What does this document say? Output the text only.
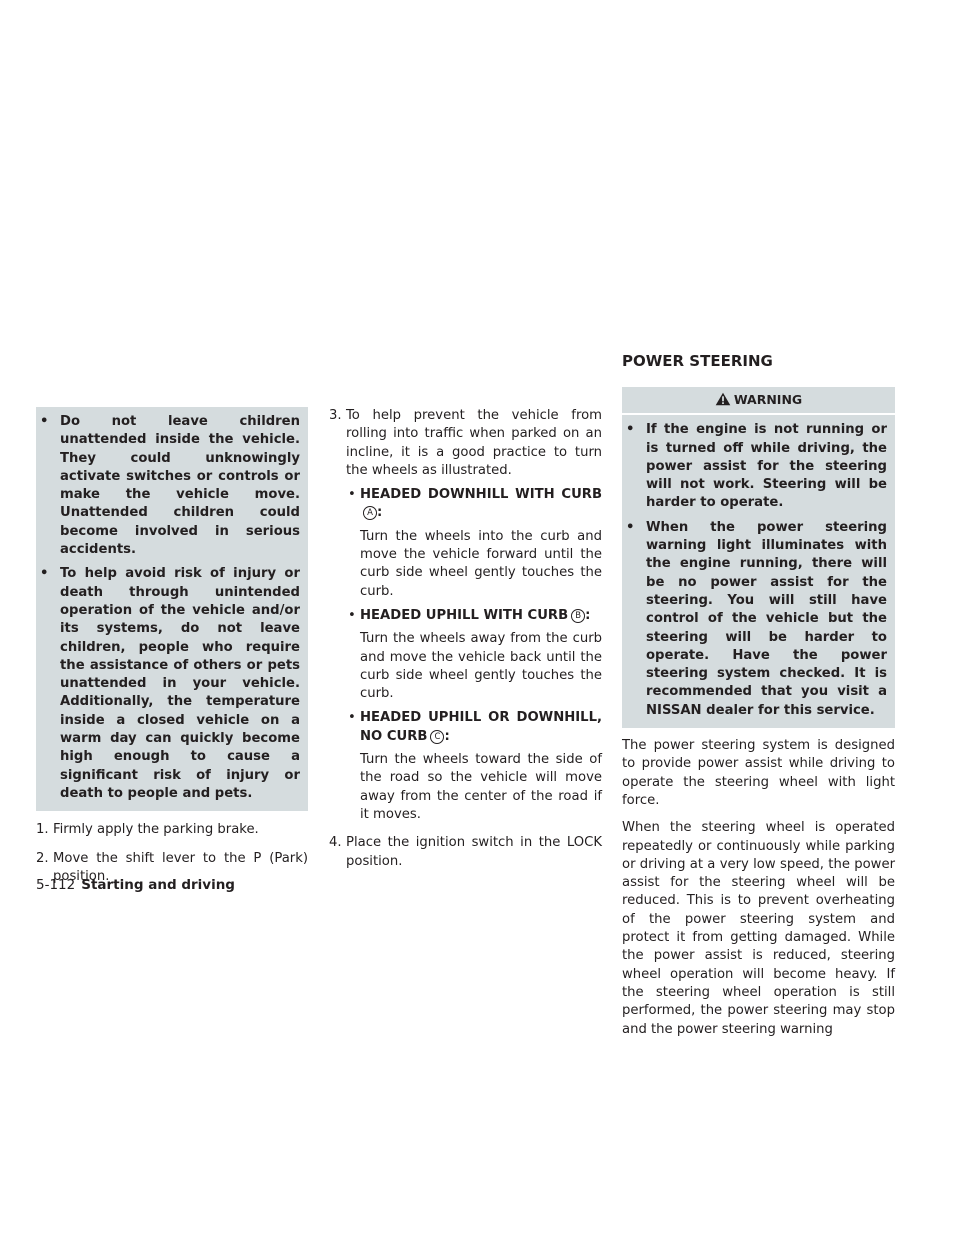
• Do not leave children unattended inside the vehicle. They could unknowingly activate switches or controls or make the vehicle move. Unattended children could become involved in serious accidents.
• To help avoid risk of injury or death through unintended operation of the vehicle and/or its systems, do not leave children, people who require the assistance of others or pets unattended in your vehicle. Additionally, the temperature inside a closed vehicle on a warm day can quickly become high enough to cause a significant risk of injury or death to people and pets.
1. Firmly apply the parking brake.
2. Move the shift lever to the P (Park) position.
3. To help prevent the vehicle from rolling into traffic when parked on an incline, it is a good practice to turn the wheels as illustrated.
• HEADED DOWNHILL WITH CURBA :
Turn the wheels into the curb and move the vehicle forward until the curb side wheel gently touches the curb.
• HEADED UPHILL WITH CURB B :
Turn the wheels away from the curb and move the vehicle back until the curb side wheel gently touches the curb.
• HEADED UPHILL OR DOWNHILL, NO CURB C :
Turn the wheels toward the side of the road so the vehicle will move away from the center of the road if it moves.
4. Place the ignition switch in the LOCK position.
POWER STEERING
WARNING
• If the engine is not running or is turned off while driving, the power assist for the steering will not work. Steering will be harder to operate.
• When the power steering warning light illuminates with the engine running, there will be no power assist for the steering. You will still have control of the vehicle but the steering will be harder to operate. Have the power steering system checked. It is recommended that you visit a NISSAN dealer for this service.
The power steering system is designed to provide power assist while driving to operate the steering wheel with light force.
When the steering wheel is operated repeatedly or continuously while parking or driving at a very low speed, the power assist for the steering wheel will be reduced. This is to prevent overheating of the power steering system and protect it from getting damaged. While the power assist is reduced, steering wheel operation will become heavy. If the steering wheel operation is still performed, the power steering may stop and the power steering warning
5-112 Starting and driving
